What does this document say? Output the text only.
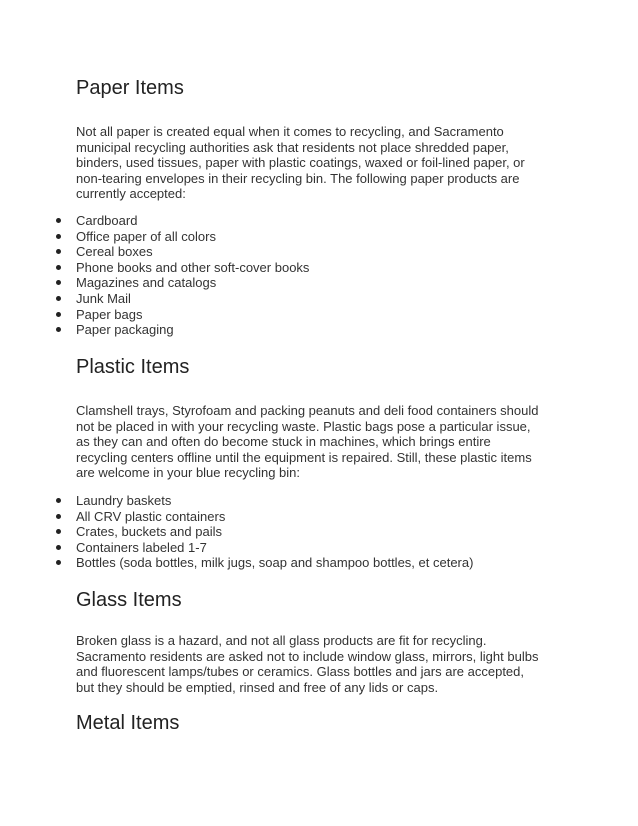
Paper Items

Not all paper is created equal when it comes to recycling, and Sacramento

municipal recycling authorities ask that residents not place shredded paper,

binders, used tissues, paper with plastic coatings, waxed or foil-lined paper, or

non-tearing envelopes in their recycling bin. The following paper products are

currently accepted:

Cardboard
Office paper of all colors
Cereal boxes
Phone books and other soft-cover books
Magazines and catalogs
Junk Mail
Paper bags
Paper packaging
Plastic Items

Clamshell trays, Styrofoam and packing peanuts and deli food containers should

not be placed in with your recycling waste. Plastic bags pose a particular issue,

as they can and often do become stuck in machines, which brings entire

recycling centers offline until the equipment is repaired. Still, these plastic items

are welcome in your blue recycling bin:

Laundry baskets
All CRV plastic containers
Crates, buckets and pails
Containers labeled 1-7
Bottles (soda bottles, milk jugs, soap and shampoo bottles, et cetera)
Glass Items

Broken glass is a hazard, and not all glass products are fit for recycling.

Sacramento residents are asked not to include window glass, mirrors, light bulbs

and fluorescent lamps/tubes or ceramics. Glass bottles and jars are accepted,

but they should be emptied, rinsed and free of any lids or caps.

Metal Items
